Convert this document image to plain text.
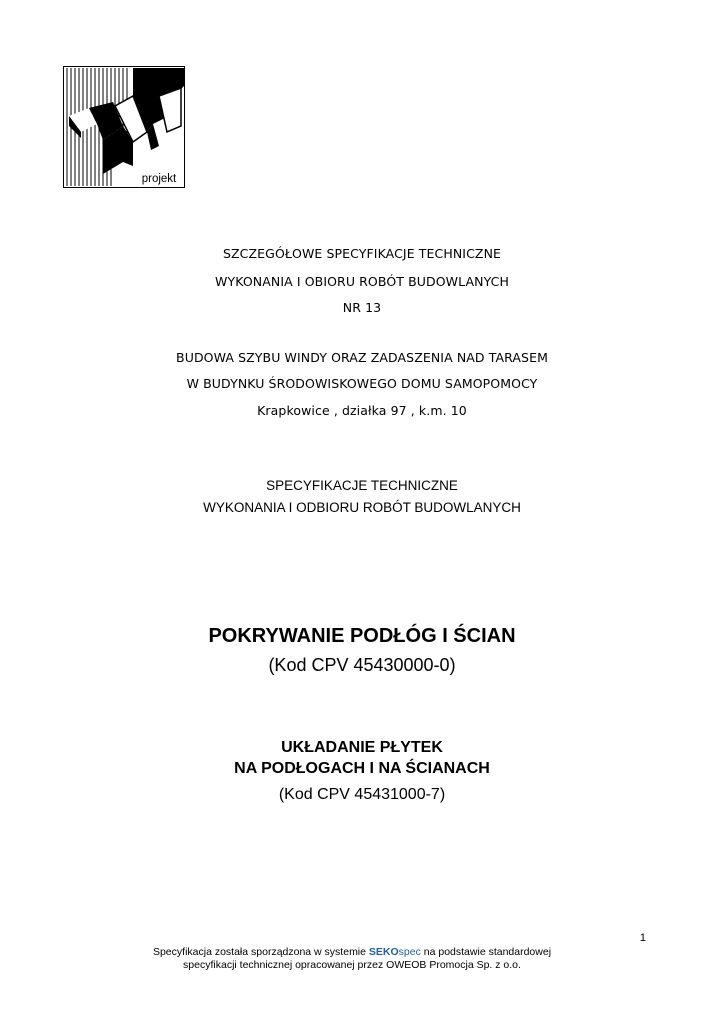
projekt

SZCZEGÓŁOWE SPECYFIKACJE TECHNICZNE

WYKONANIA I OBIORU ROBÓT BUDOWLANYCH

NR 13

BUDOWA SZYBU WINDY ORAZ ZADASZENIA NAD TARASEM

W BUDYNKU ŚRODOWISKOWEGO DOMU SAMOPOMOCY

Krapkowice , działka 97 , k.m. 10

SPECYFIKACJE TECHNICZNE

WYKONANIA I ODBIORU ROBÓT BUDOWLANYCH

POKRYWANIE PODŁÓG I ŚCIAN

(Kod CPV 45430000-0)

UKŁADANIE PŁYTEK

NA PODŁOGACH I NA ŚCIANACH

(Kod CPV 45431000-7)

1
Specyfikacja została sporządzona w systemie SEKOspec na podstawie standardowej
specyfikacji technicznej opracowanej przez OWEOB Promocja Sp. z o.o.
